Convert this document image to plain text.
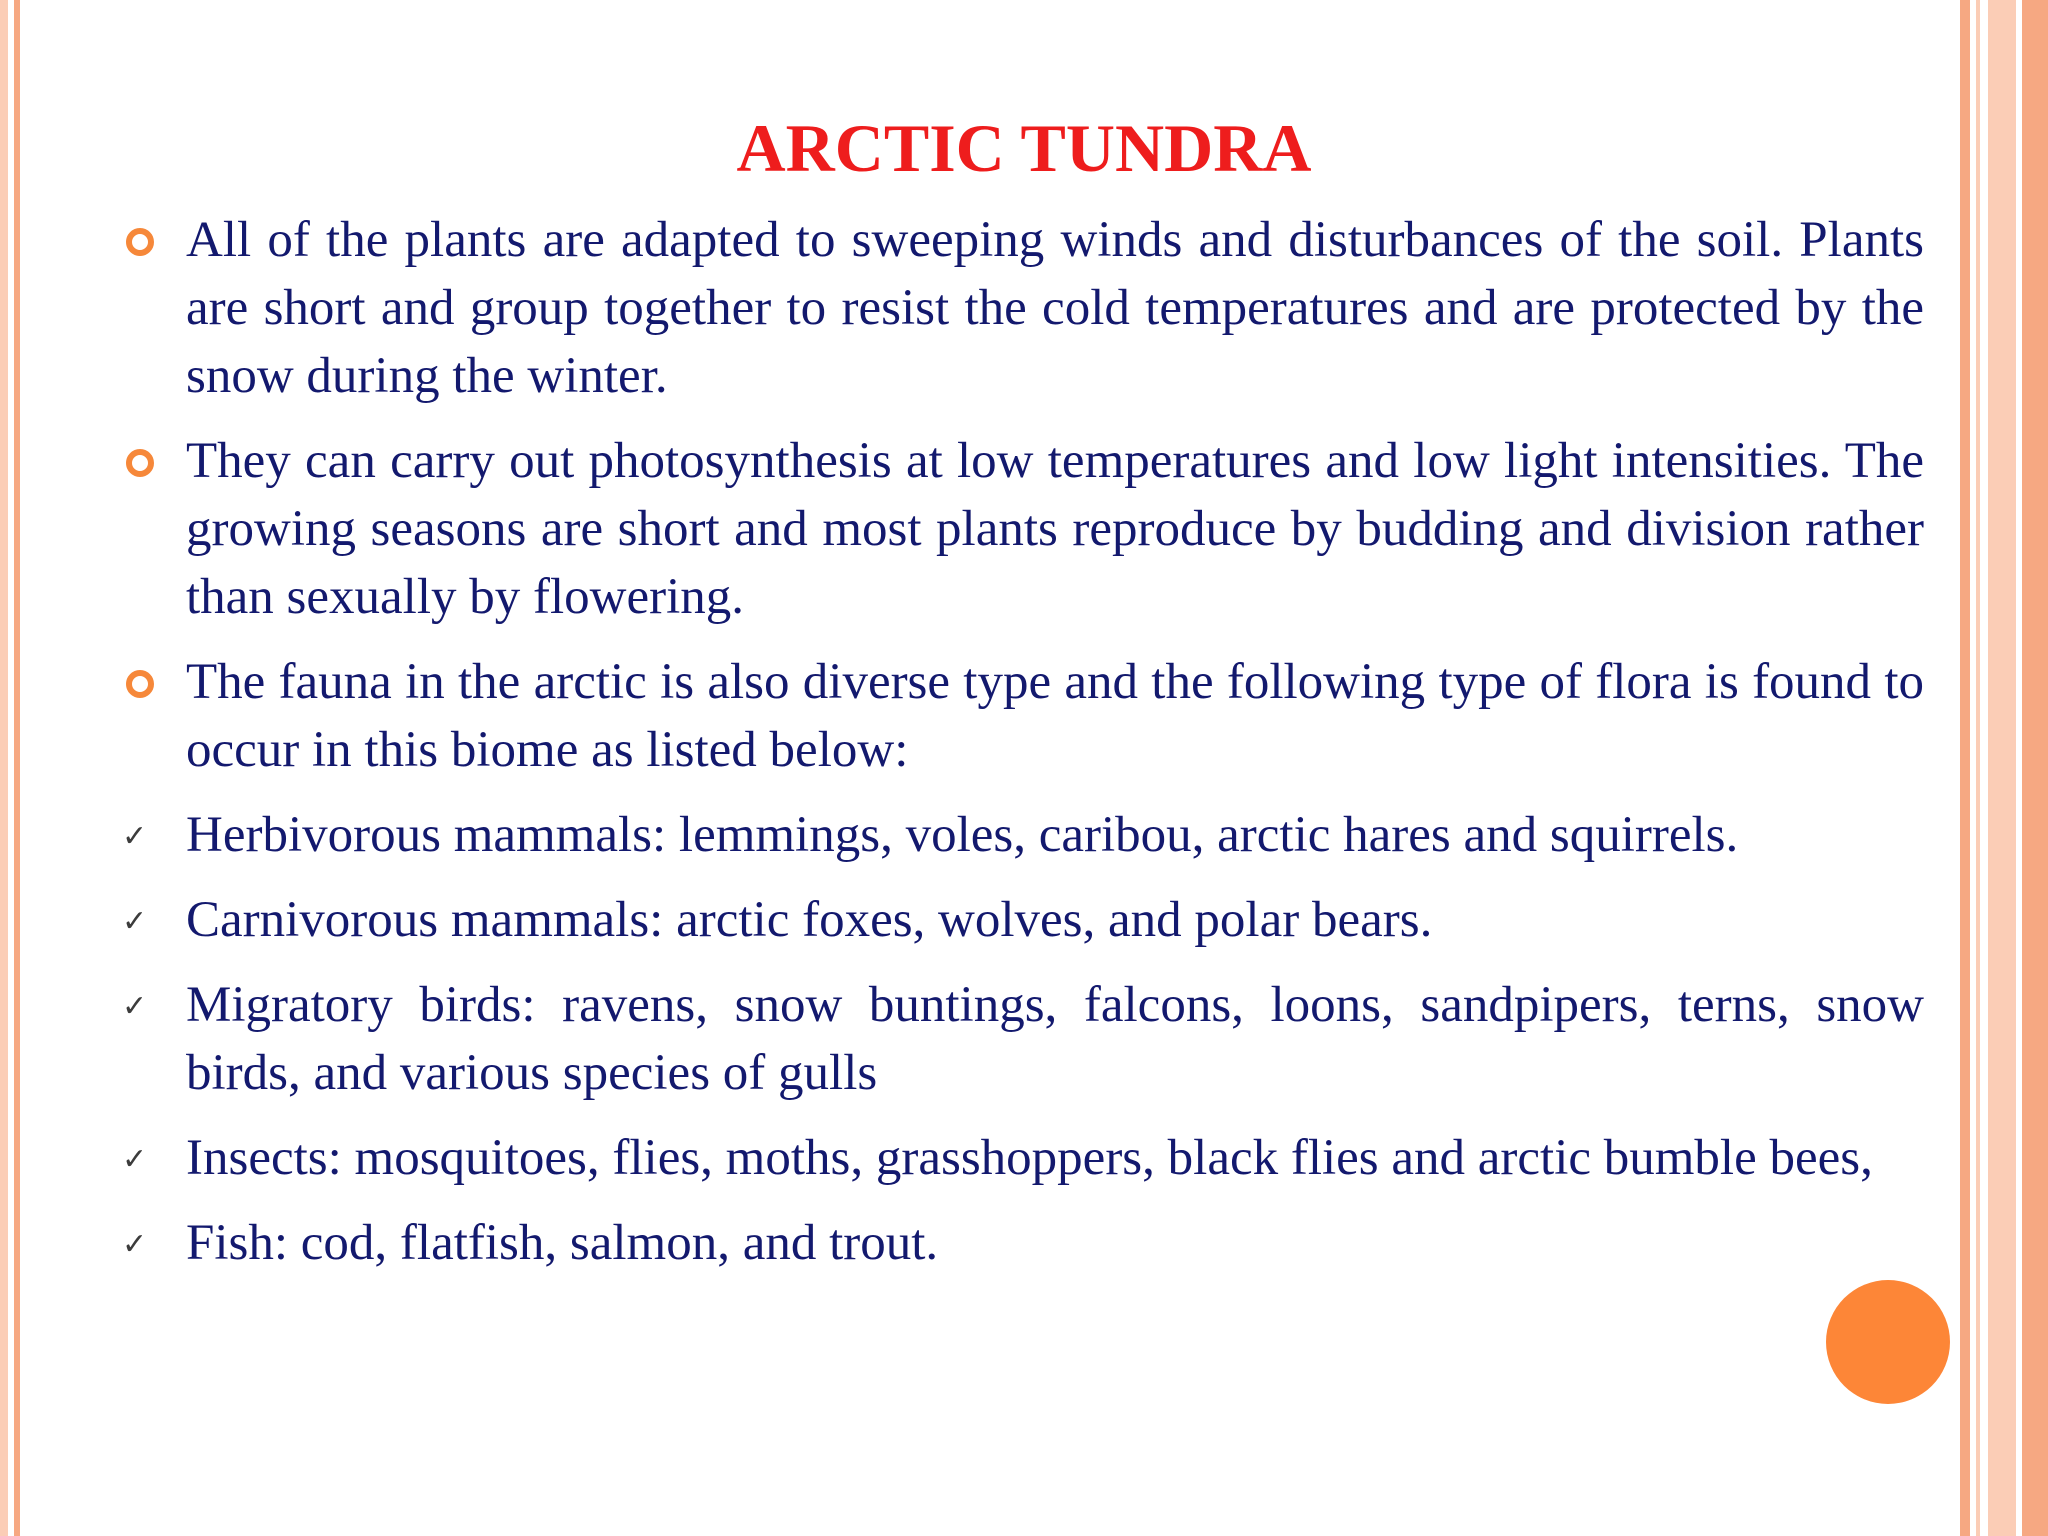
ARCTIC TUNDRA
All of the plants are adapted to sweeping winds and disturbances of the soil. Plants are short and group together to resist the cold temperatures and are protected by the snow during the winter.
They can carry out photosynthesis at low temperatures and low light intensities. The growing seasons are short and most plants reproduce by budding and division rather than sexually by flowering.
The fauna in the arctic is also diverse type and the following type of flora is found to occur in this biome as listed below:
✓ Herbivorous mammals: lemmings, voles, caribou, arctic hares and squirrels.
✓ Carnivorous mammals: arctic foxes, wolves, and polar bears.
✓ Migratory birds: ravens, snow buntings, falcons, loons, sandpipers, terns, snow birds, and various species of gulls
✓ Insects: mosquitoes, flies, moths, grasshoppers, black flies and arctic bumble bees,
✓ Fish: cod, flatfish, salmon, and trout.
